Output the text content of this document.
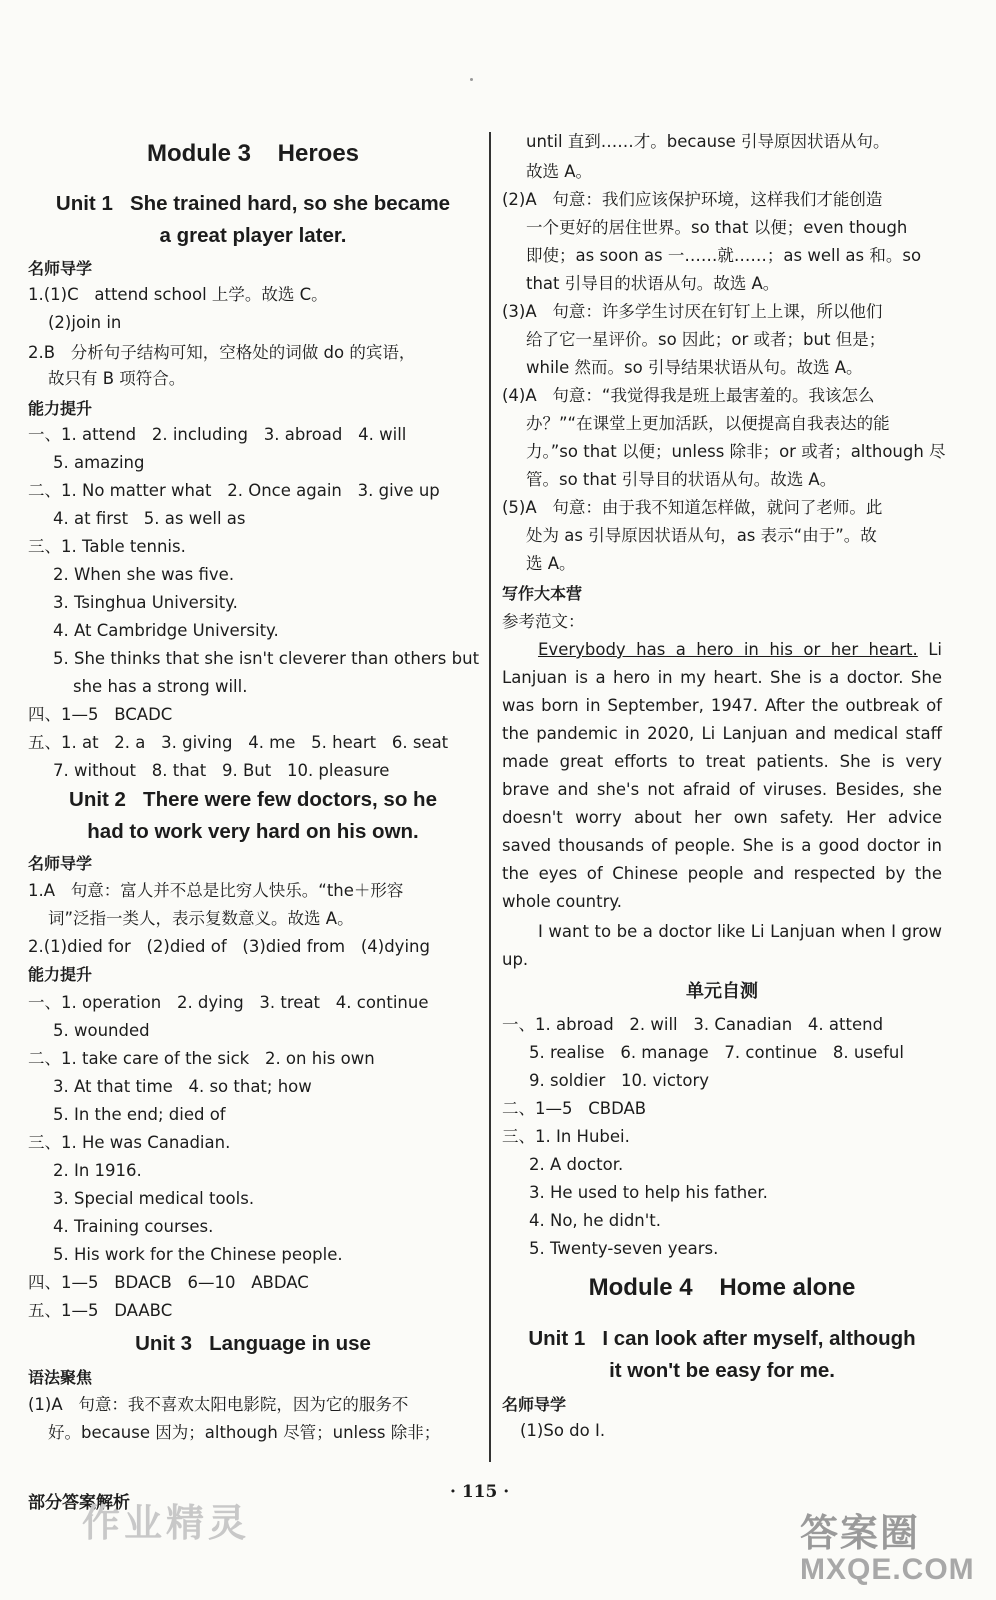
Module 3    Heroes
Unit 1   She trained hard, so she became
a great player later.
名师导学
1.(1)C   attend school 上学。故选 C。
(2)join in
2.B   分析句子结构可知，空格处的词做 do 的宾语，
故只有 B 项符合。
能力提升
一、1. attend   2. including   3. abroad   4. will
5. amazing
二、1. No matter what   2. Once again   3. give up
4. at first   5. as well as
三、1. Table tennis.
2. When she was five.
3. Tsinghua University.
4. At Cambridge University.
5. She thinks that she isn't cleverer than others but
she has a strong will.
四、1—5   BCADC
五、1. at   2. a   3. giving   4. me   5. heart   6. seat
7. without   8. that   9. But   10. pleasure
Unit 2   There were few doctors, so he
had to work very hard on his own.
名师导学
1.A   句意：富人并不总是比穷人快乐。“the＋形容
词”泛指一类人，表示复数意义。故选 A。
2.(1)died for   (2)died of   (3)died from   (4)dying
能力提升
一、1. operation   2. dying   3. treat   4. continue
5. wounded
二、1. take care of the sick   2. on his own
3. At that time   4. so that; how
5. In the end; died of
三、1. He was Canadian.
2. In 1916.
3. Special medical tools.
4. Training courses.
5. His work for the Chinese people.
四、1—5   BDACB   6—10   ABDAC
五、1—5   DAABC
Unit 3   Language in use
语法聚焦
(1)A   句意：我不喜欢太阳电影院，因为它的服务不
好。because 因为；although 尽管；unless 除非；
until 直到……才。because 引导原因状语从句。
故选 A。
(2)A   句意：我们应该保护环境，这样我们才能创造
一个更好的居住世界。so that 以便；even though
即使；as soon as 一……就……；as well as 和。so
that 引导目的状语从句。故选 A。
(3)A   句意：许多学生讨厌在钉钉上上课，所以他们
给了它一星评价。so 因此；or 或者；but 但是；
while 然而。so 引导结果状语从句。故选 A。
(4)A   句意：“我觉得我是班上最害羞的。我该怎么
办？”“在课堂上更加活跃，以便提高自我表达的能
力。”so that 以便；unless 除非；or 或者；although 尽
管。so that 引导目的状语从句。故选 A。
(5)A   句意：由于我不知道怎样做，就问了老师。此
处为 as 引导原因状语从句，as 表示“由于”。故
选 A。
写作大本营
参考范文：
Everybody has a hero in his or her heart. Li Lanjuan is a hero in my heart. She is a doctor. She was born in September, 1947. After the outbreak of the pandemic in 2020, Li Lanjuan and medical staff made great efforts to treat patients. She is very brave and she's not afraid of viruses. Besides, she doesn't worry about her own safety. Her advice saved thousands of people. She is a good doctor in the eyes of Chinese people and respected by the whole country.
I want to be a doctor like Li Lanjuan when I grow up.
单元自测
一、1. abroad   2. will   3. Canadian   4. attend
5. realise   6. manage   7. continue   8. useful
9. soldier   10. victory
二、1—5   CBDAB
三、1. In Hubei.
2. A doctor.
3. He used to help his father.
4. No, he didn't.
5. Twenty-seven years.
Module 4    Home alone
Unit 1   I can look after myself, although
it won't be easy for me.
名师导学
(1)So do I.
部分答案解析
· 115 ·
作业精灵	答案圈
MXQE.COM
